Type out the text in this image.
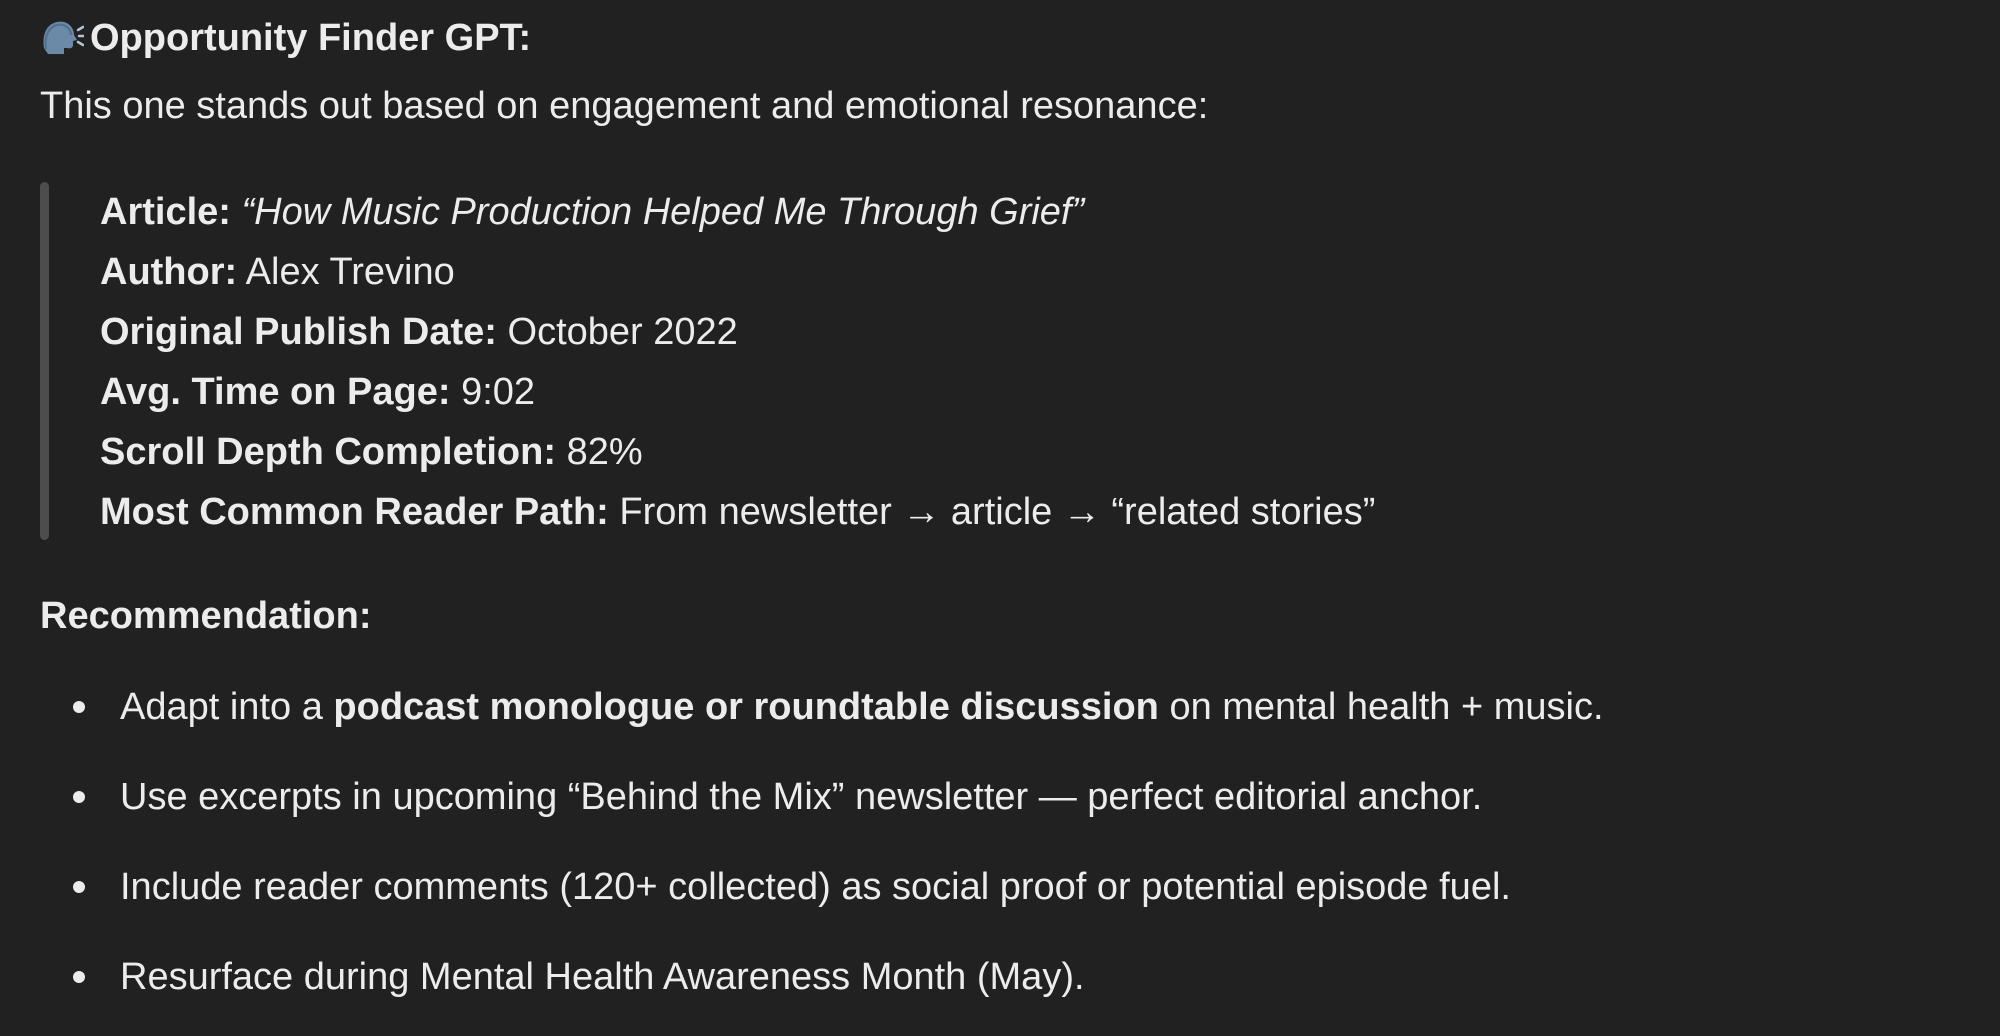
Opportunity Finder GPT:
This one stands out based on engagement and emotional resonance:
Article: “How Music Production Helped Me Through Grief”
Author: Alex Trevino
Original Publish Date: October 2022
Avg. Time on Page: 9:02
Scroll Depth Completion: 82%
Most Common Reader Path: From newsletter → article → “related stories”
Recommendation:
Adapt into a podcast monologue or roundtable discussion on mental health + music.
Use excerpts in upcoming “Behind the Mix” newsletter — perfect editorial anchor.
Include reader comments (120+ collected) as social proof or potential episode fuel.
Resurface during Mental Health Awareness Month (May).
